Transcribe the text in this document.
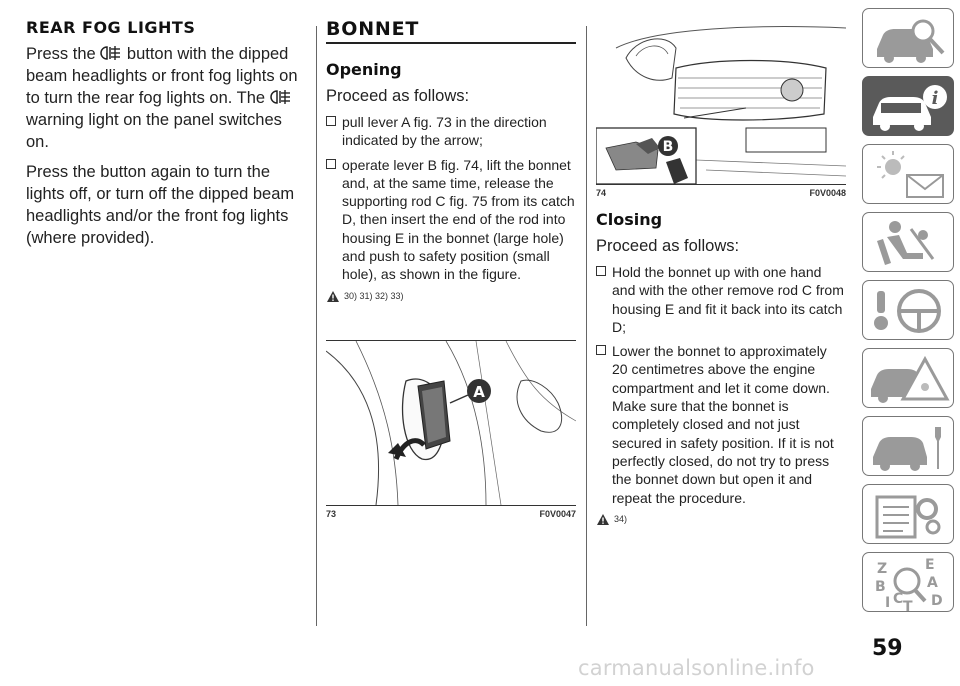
REAR FOG LIGHTS

Press the button with the dipped beam headlights or front fog lights on to turn the rear fog lights on. The  warning light on the panel switches on.

Press the button again to turn the lights off, or turn off the dipped beam headlights and/or the front fog lights (where provided).

BONNET
Opening

Proceed as follows:

pull lever A fig. 73 in the direction indicated by the arrow;
operate lever B fig. 74, lift the bonnet and, at the same time, release the supporting rod C fig. 75 from its catch D, then insert the end of the rod into housing E in the bonnet (large hole) and push to safety position (small hole), as shown in the figure.
30) 31) 32) 33)
A
73	F0V0047
B
74	F0V0048
Closing

Proceed as follows:

Hold the bonnet up with one hand and with the other remove rod C from housing E and fit it back into its catch D;
Lower the bonnet to approximately 20 centimetres above the engine compartment and let it come down. Make sure that the bonnet is completely closed and not just secured in safety position. If it is not perfectly closed, do not try to press the bonnet down but open it and repeat the procedure.
34)
i
Z	E
B	A
I C T D
59
carmanualsonline.info
